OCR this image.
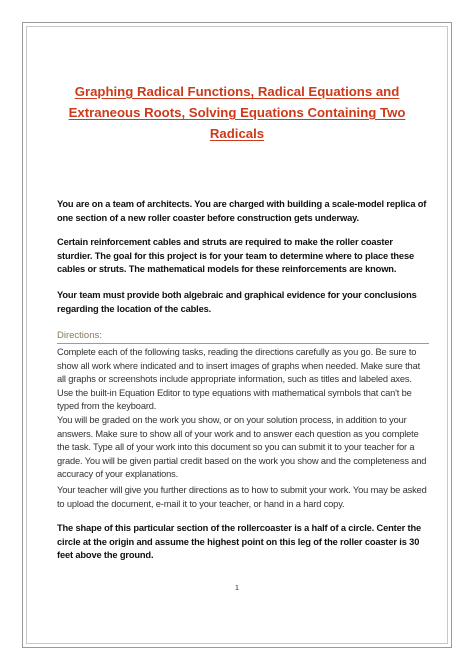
Graphing Radical Functions, Radical Equations and Extraneous Roots, Solving Equations Containing Two Radicals

You are on a team of architects. You are charged with building a scale-model replica of one section of a new roller coaster before construction gets underway.

Certain reinforcement cables and struts are required to make the roller coaster sturdier. The goal for this project is for your team to determine where to place these cables or struts. The mathematical models for these reinforcements are known.

Your team must provide both algebraic and graphical evidence for your conclusions regarding the location of the cables.

Directions:

Complete each of the following tasks, reading the directions carefully as you go. Be sure to show all work where indicated and to insert images of graphs when needed. Make sure that all graphs or screenshots include appropriate information, such as titles and labeled axes. Use the built-in Equation Editor to type equations with mathematical symbols that can't be typed from the keyboard.

You will be graded on the work you show, or on your solution process, in addition to your answers. Make sure to show all of your work and to answer each question as you complete the task. Type all of your work into this document so you can submit it to your teacher for a grade. You will be given partial credit based on the work you show and the completeness and accuracy of your explanations.

Your teacher will give you further directions as to how to submit your work. You may be asked to upload the document, e-mail it to your teacher, or hand in a hard copy.

The shape of this particular section of the rollercoaster is a half of a circle. Center the circle at the origin and assume the highest point on this leg of the roller coaster is 30 feet above the ground.

1
